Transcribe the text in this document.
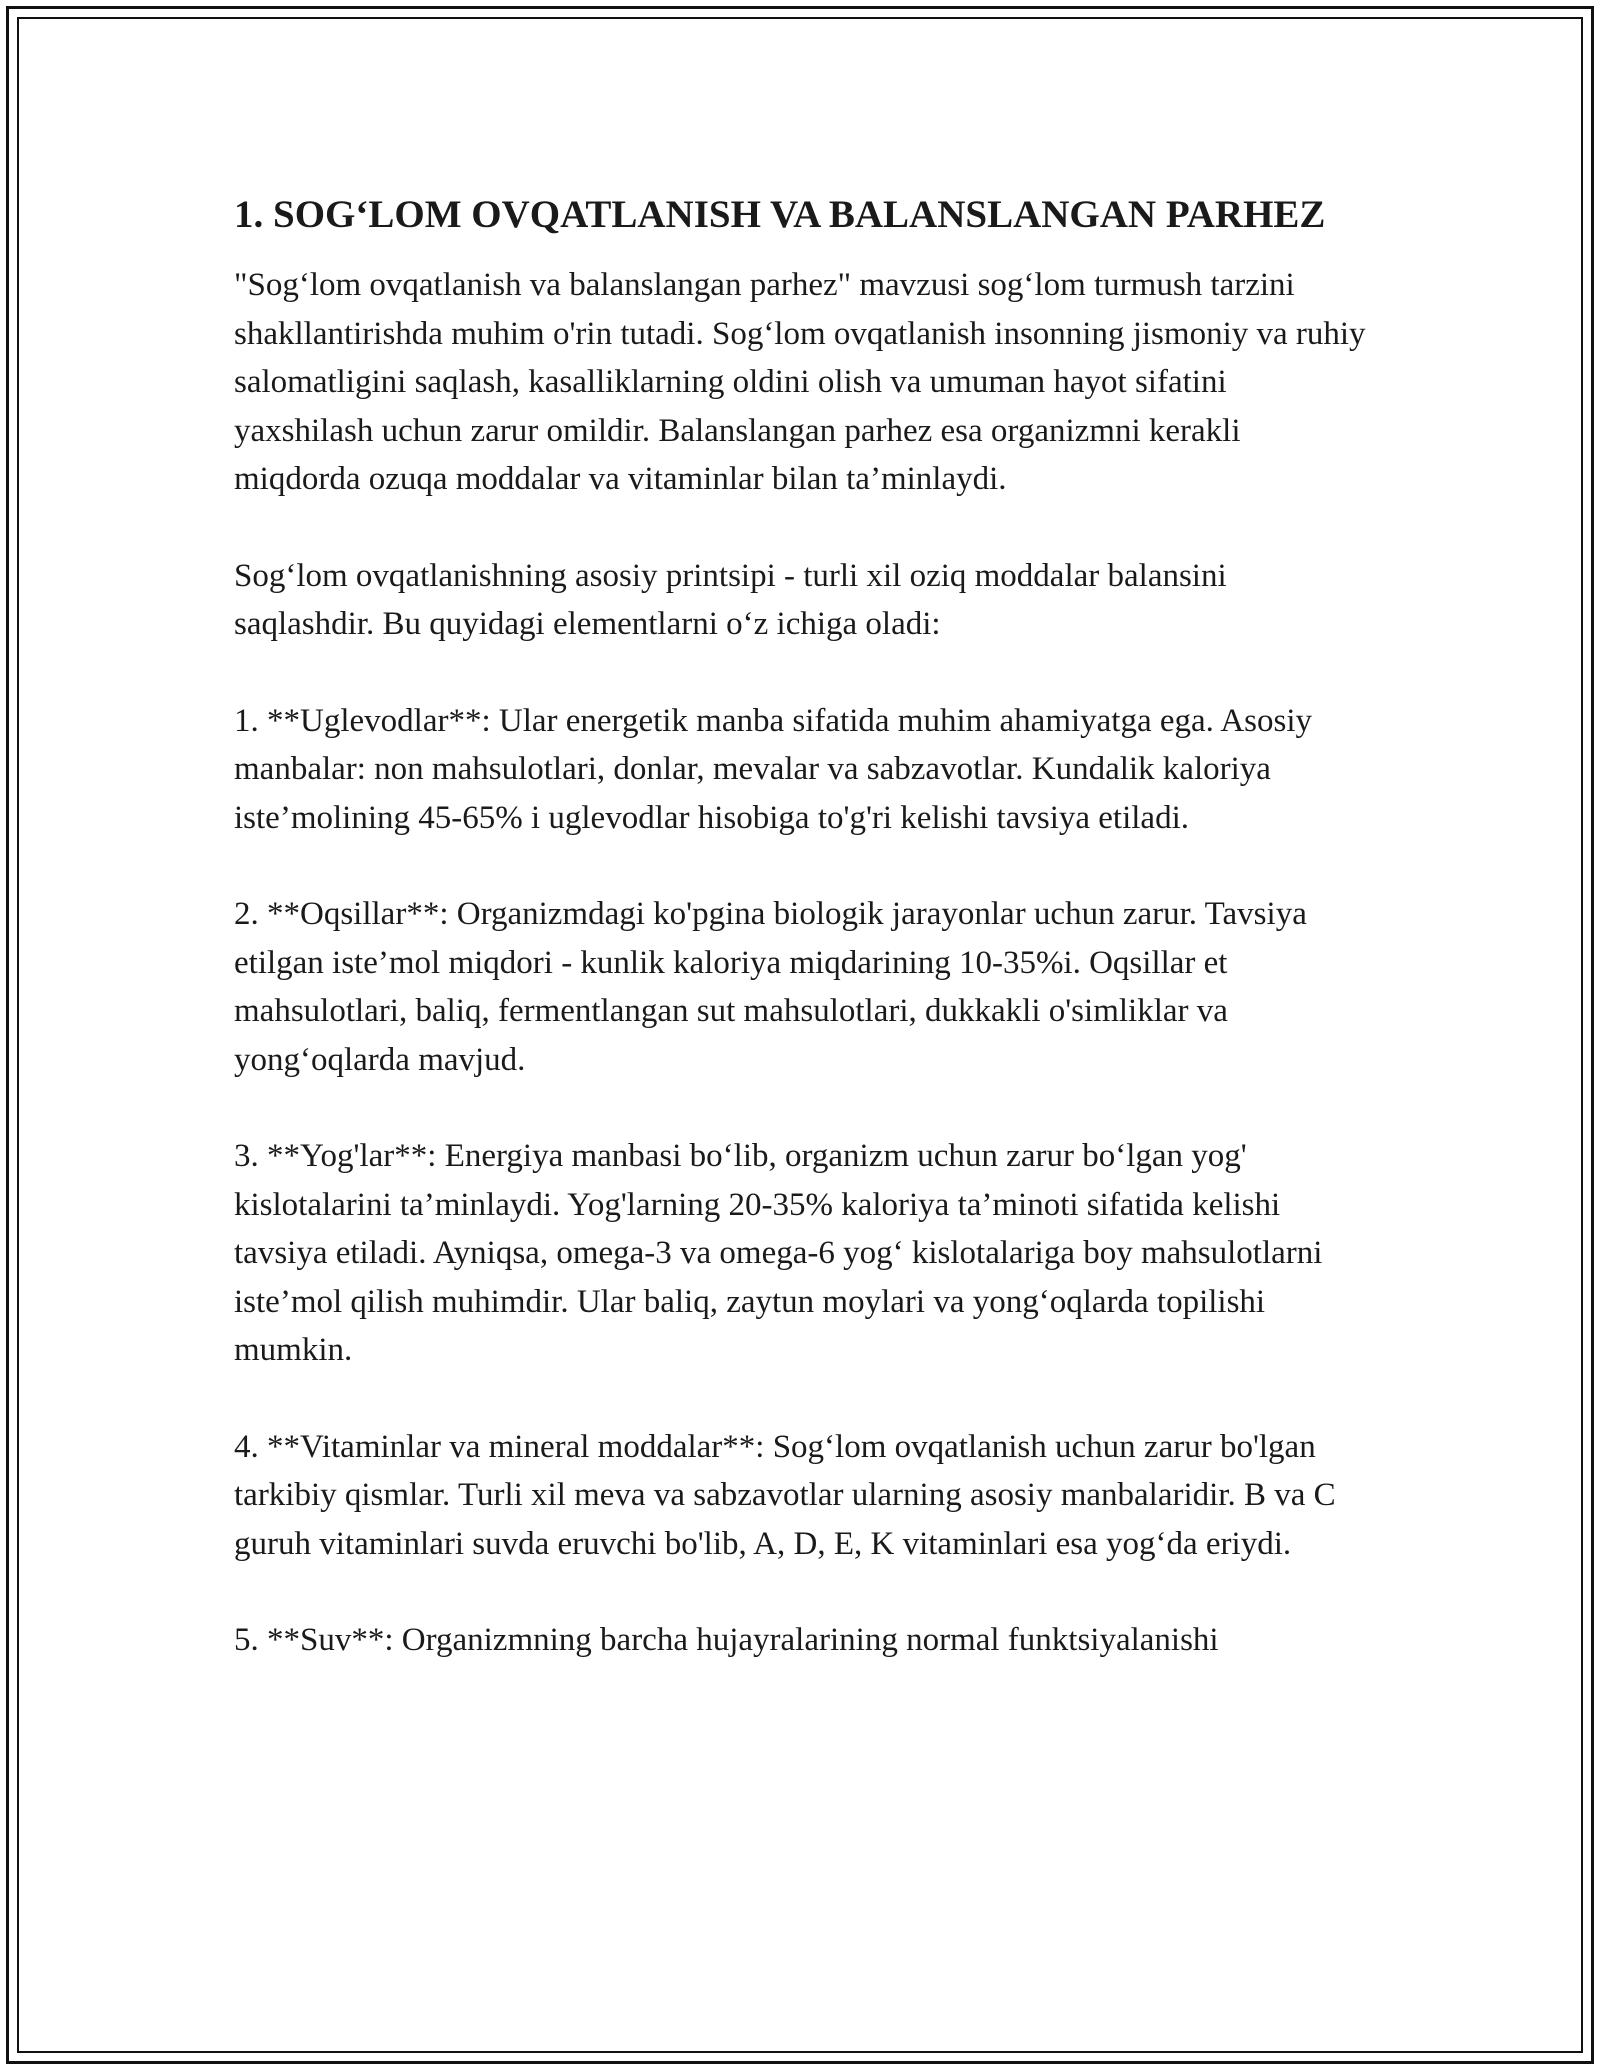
1. SOG‘LOM OVQATLANISH VA BALANSLANGAN PARHEZ

"Sog‘lom ovqatlanish va balanslangan parhez" mavzusi sog‘lom turmush tarzini shakllantirishda muhim o'rin tutadi. Sog‘lom ovqatlanish insonning jismoniy va ruhiy salomatligini saqlash, kasalliklarning oldini olish va umuman hayot sifatini yaxshilash uchun zarur omildir. Balanslangan parhez esa organizmni kerakli miqdorda ozuqa moddalar va vitaminlar bilan ta’minlaydi.

Sog‘lom ovqatlanishning asosiy printsipi - turli xil oziq moddalar balansini saqlashdir. Bu quyidagi elementlarni o‘z ichiga oladi:

1. **Uglevodlar**: Ular energetik manba sifatida muhim ahamiyatga ega. Asosiy manbalar: non mahsulotlari, donlar, mevalar va sabzavotlar. Kundalik kaloriya iste’molining 45-65% i uglevodlar hisobiga to'g'ri kelishi tavsiya etiladi.

2. **Oqsillar**: Organizmdagi ko'pgina biologik jarayonlar uchun zarur. Tavsiya etilgan iste’mol miqdori - kunlik kaloriya miqdarining 10-35%i. Oqsillar et mahsulotlari, baliq, fermentlangan sut mahsulotlari, dukkakli o'simliklar va yong‘oqlarda mavjud.

3. **Yog'lar**: Energiya manbasi bo‘lib, organizm uchun zarur bo‘lgan yog' kislotalarini ta’minlaydi. Yog'larning 20-35% kaloriya ta’minoti sifatida kelishi tavsiya etiladi. Ayniqsa, omega-3 va omega-6 yog‘ kislotalariga boy mahsulotlarni iste’mol qilish muhimdir. Ular baliq, zaytun moylari va yong‘oqlarda topilishi mumkin.

4. **Vitaminlar va mineral moddalar**: Sog‘lom ovqatlanish uchun zarur bo'lgan tarkibiy qismlar. Turli xil meva va sabzavotlar ularning asosiy manbalaridir. B va C guruh vitaminlari suvda eruvchi bo'lib, A, D, E, K vitaminlari esa yog‘da eriydi.

5. **Suv**: Organizmning barcha hujayralarining normal funktsiyalanishi
